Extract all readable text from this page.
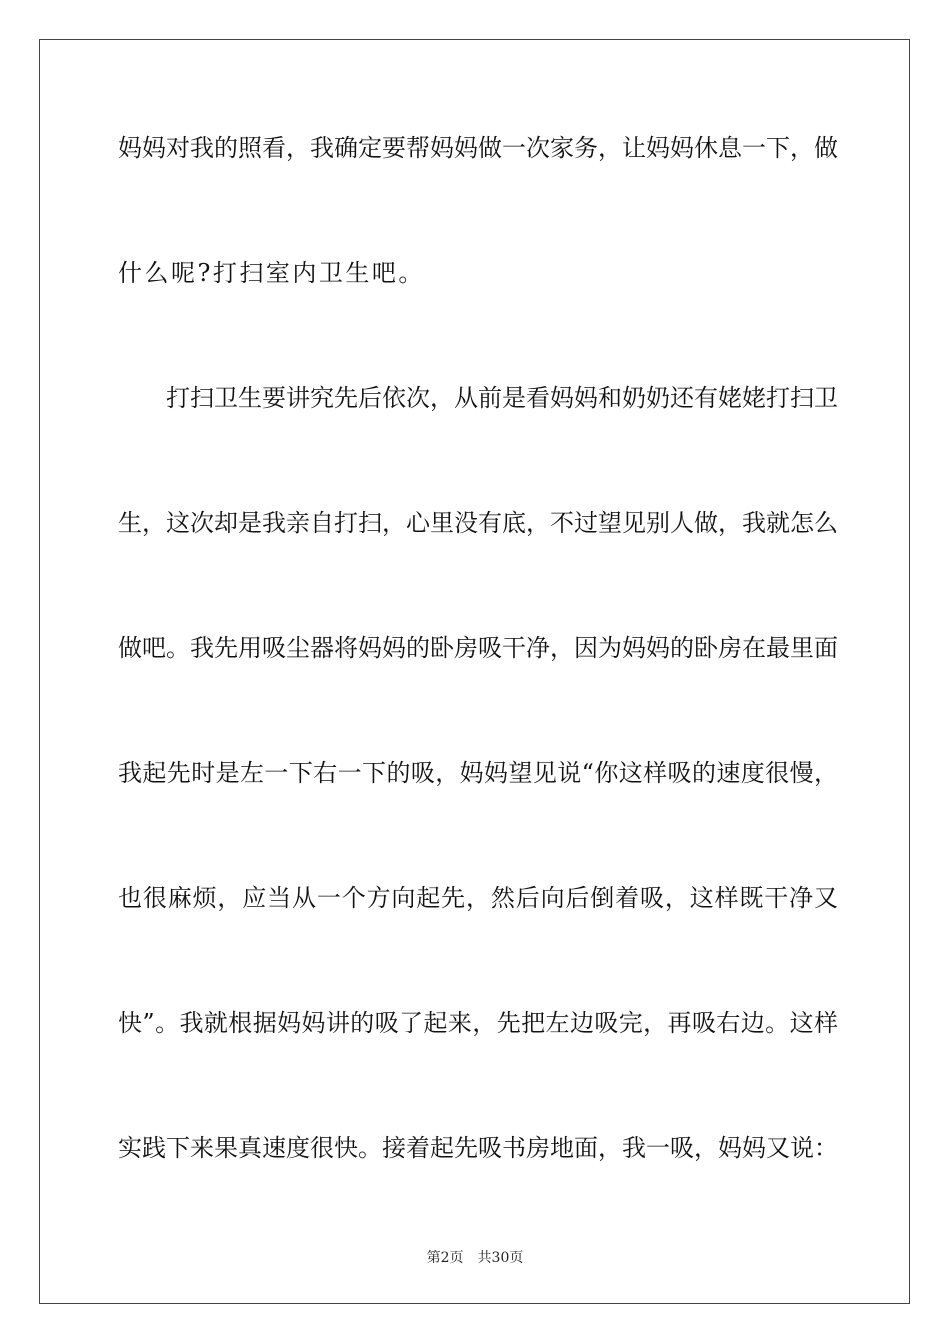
妈妈对我的照看，我确定要帮妈妈做一次家务，让妈妈休息一下，做
什么呢?打扫室内卫生吧。
打扫卫生要讲究先后依次，从前是看妈妈和奶奶还有姥姥打扫卫
生，这次却是我亲自打扫，心里没有底，不过望见别人做，我就怎么
做吧。我先用吸尘器将妈妈的卧房吸干净，因为妈妈的卧房在最里面
我起先时是左一下右一下的吸，妈妈望见说“你这样吸的速度很慢，
也很麻烦，应当从一个方向起先，然后向后倒着吸，这样既干净又
快”。我就根据妈妈讲的吸了起来，先把左边吸完，再吸右边。这样
实践下来果真速度很快。接着起先吸书房地面，我一吸，妈妈又说：
第2页 共30页
